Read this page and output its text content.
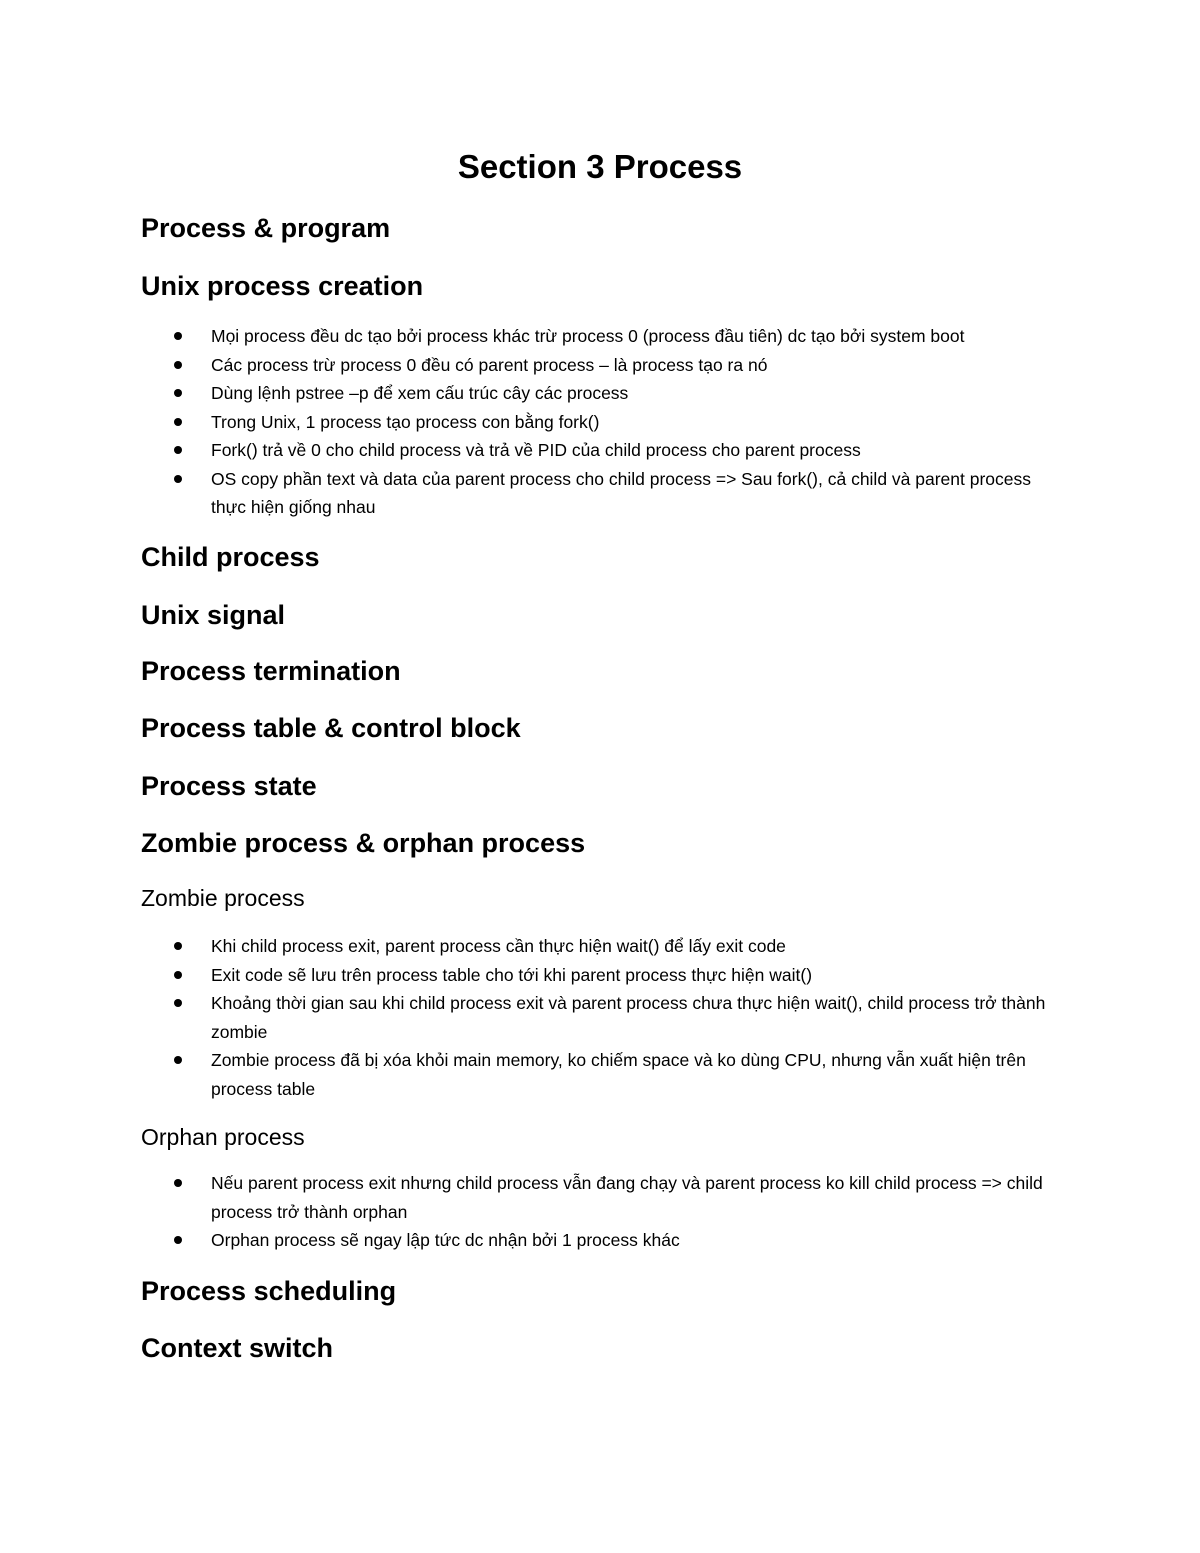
Section 3 Process
Process & program
Unix process creation
Mọi process đều dc tạo bởi process khác trừ process 0 (process đầu tiên) dc tạo bởi system boot
Các process trừ process 0 đều có parent process – là process tạo ra nó
Dùng lệnh pstree –p để xem cấu trúc cây các process
Trong Unix, 1 process tạo process con bằng fork()
Fork() trả về 0 cho child process và trả về PID của child process cho parent process
OS copy phần text và data của parent process cho child process => Sau fork(), cả child và parent process thực hiện giống nhau
Child process
Unix signal
Process termination
Process table & control block
Process state
Zombie process & orphan process
Zombie process
Khi child process exit, parent process cần thực hiện wait() để lấy exit code
Exit code sẽ lưu trên process table cho tới khi parent process thực hiện wait()
Khoảng thời gian sau khi child process exit và parent process chưa thực hiện wait(), child process trở thành zombie
Zombie process đã bị xóa khỏi main memory, ko chiếm space và ko dùng CPU, nhưng vẫn xuất hiện trên process table
Orphan process
Nếu parent process exit nhưng child process vẫn đang chạy và parent process ko kill child process => child process trở thành orphan
Orphan process sẽ ngay lập tức dc nhận bởi 1 process khác
Process scheduling
Context switch
